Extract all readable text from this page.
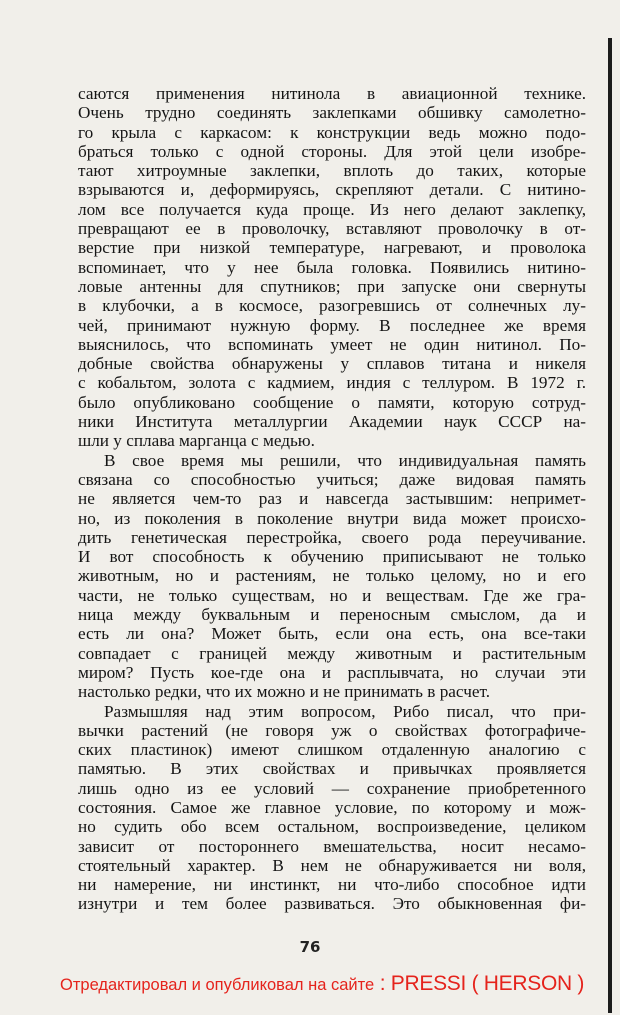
саются применения нитинола в авиационной технике.
Очень трудно соединять заклепками обшивку самолетно-
го крыла с каркасом: к конструкции ведь можно подо-
браться только с одной стороны. Для этой цели изобре-
тают хитроумные заклепки, вплоть до таких, которые
взрываются и, деформируясь, скрепляют детали. С нитино-
лом все получается куда проще. Из него делают заклепку,
превращают ее в проволочку, вставляют проволочку в от-
верстие при низкой температуре, нагревают, и проволока
вспоминает, что у нее была головка. Появились нитино-
ловые антенны для спутников; при запуске они свернуты
в клубочки, а в космосе, разогревшись от солнечных лу-
чей, принимают нужную форму. В последнее же время
выяснилось, что вспоминать умеет не один нитинол. По-
добные свойства обнаружены у сплавов титана и никеля
с кобальтом, золота с кадмием, индия с теллуром. В 1972 г.
было опубликовано сообщение о памяти, которую сотруд-
ники Института металлургии Академии наук СССР на-
шли у сплава марганца с медью.
В свое время мы решили, что индивидуальная память
связана со способностью учиться; даже видовая память
не является чем-то раз и навсегда застывшим: непримет-
но, из поколения в поколение внутри вида может происхо-
дить генетическая перестройка, своего рода переучивание.
И вот способность к обучению приписывают не только
животным, но и растениям, не только целому, но и его
части, не только существам, но и веществам. Где же гра-
ница между буквальным и переносным смыслом, да и
есть ли она? Может быть, если она есть, она все-таки
совпадает с границей между животным и растительным
миром? Пусть кое-где она и расплывчата, но случаи эти
настолько редки, что их можно и не принимать в расчет.
Размышляя над этим вопросом, Рибо писал, что при-
вычки растений (не говоря уж о свойствах фотографиче-
ских пластинок) имеют слишком отдаленную аналогию с
памятью. В этих свойствах и привычках проявляется
лишь одно из ее условий — сохранение приобретенного
состояния. Самое же главное условие, по которому и мож-
но судить обо всем остальном, воспроизведение, целиком
зависит от постороннего вмешательства, носит несамо-
стоятельный характер. В нем не обнаруживается ни воля,
ни намерение, ни инстинкт, ни что-либо способное идти
изнутри и тем более развиваться. Это обыкновенная фи-
76
Отредактировал и опубликовал на сайте : PRESSI ( HERSON )
